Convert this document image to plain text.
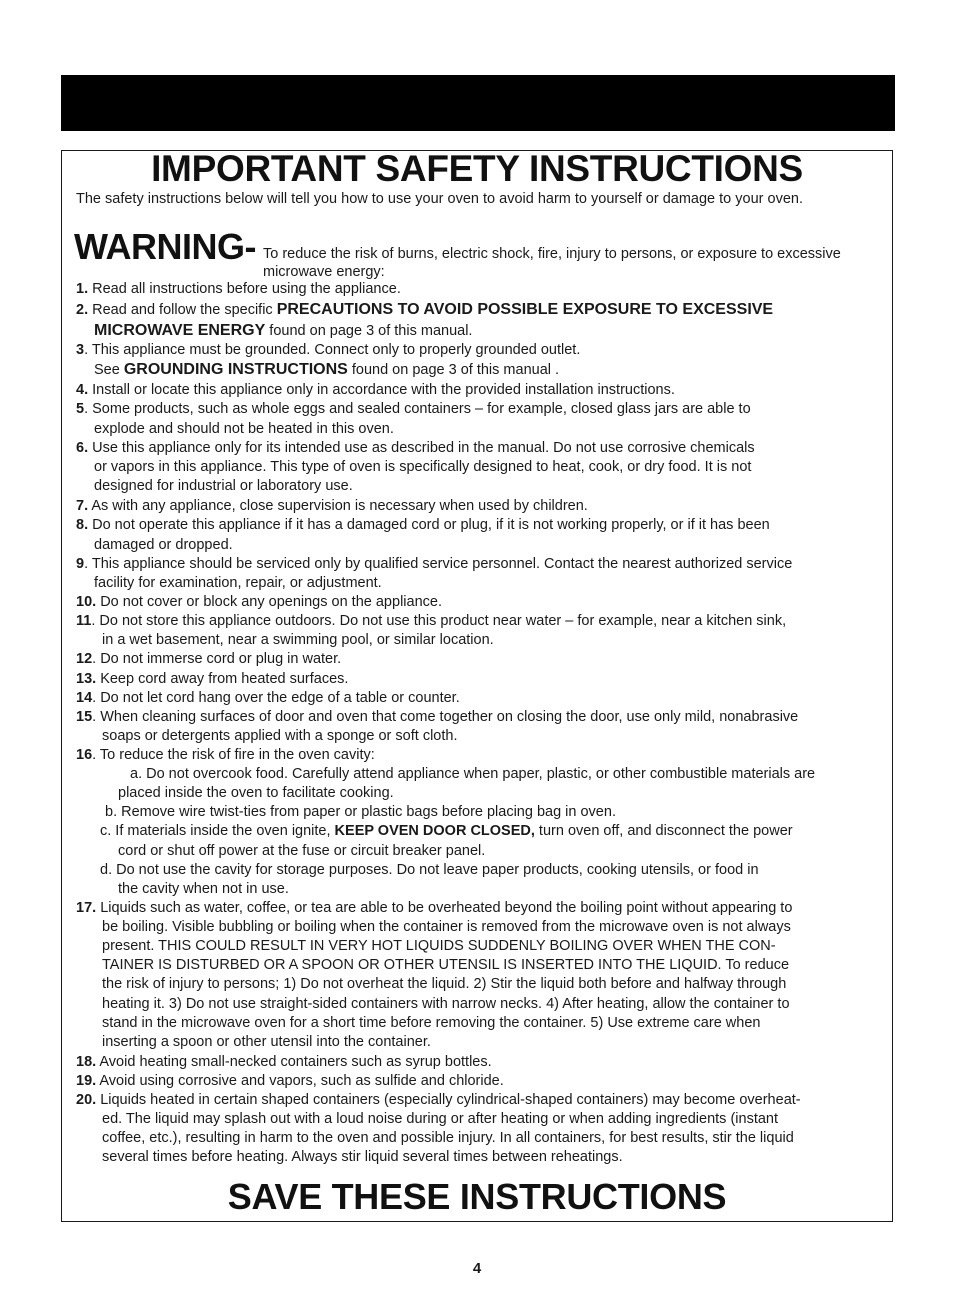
IMPORTANT SAFETY INSTRUCTIONS
The safety instructions below will tell you how to use your oven to avoid harm to yourself or damage to your oven.
WARNING- To reduce the risk of burns, electric shock, fire, injury to persons, or exposure to excessive microwave energy:
1. Read all instructions before using the appliance.
2. Read and follow the specific PRECAUTIONS TO AVOID POSSIBLE EXPOSURE TO EXCESSIVE
MICROWAVE ENERGY found on page 3 of this manual.
3. This appliance must be grounded. Connect only to properly grounded outlet.
See GROUNDING INSTRUCTIONS found on page 3 of this manual .
4. Install or locate this appliance only in accordance with the provided installation instructions.
5. Some products, such as whole eggs and sealed containers – for example, closed glass jars are able to
explode and should not be heated in this oven.
6. Use this appliance only for its intended use as described in the manual. Do not use corrosive chemicals
or vapors in this appliance. This type of oven is specifically designed to heat, cook, or dry food. It is not
designed for industrial or laboratory use.
7. As with any appliance, close supervision is necessary when used by children.
8. Do not operate this appliance if it has a damaged cord or plug, if it is not working properly, or if it has been
damaged or dropped.
9. This appliance should be serviced only by qualified service personnel. Contact the nearest authorized service
facility for examination, repair, or adjustment.
10. Do not cover or block any openings on the appliance.
11. Do not store this appliance outdoors. Do not use this product near water – for example, near a kitchen sink,
in a wet basement, near a swimming pool, or similar location.
12. Do not immerse cord or plug in water.
13. Keep cord away from heated surfaces.
14. Do not let cord hang over the edge of a table or counter.
15. When cleaning surfaces of door and oven that come together on closing the door, use only mild, nonabrasive
soaps or detergents applied with a sponge or soft cloth.
16. To reduce the risk of fire in the oven cavity:
a. Do not overcook food. Carefully attend appliance when paper, plastic, or other combustible materials are
placed inside the oven to facilitate cooking.
b. Remove wire twist-ties from paper or plastic bags before placing bag in oven.
c. If materials inside the oven ignite, KEEP OVEN DOOR CLOSED, turn oven off, and disconnect the power
cord or shut off power at the fuse or circuit breaker panel.
d. Do not use the cavity for storage purposes. Do not leave paper products, cooking utensils, or food in
the cavity when not in use.
17. Liquids such as water, coffee, or tea are able to be overheated beyond the boiling point without appearing to
be boiling. Visible bubbling or boiling when the container is removed from the microwave oven is not always
present. THIS COULD RESULT IN VERY HOT LIQUIDS SUDDENLY BOILING OVER WHEN THE CON-
TAINER IS DISTURBED OR A SPOON OR OTHER UTENSIL IS INSERTED INTO THE LIQUID. To reduce
the risk of injury to persons; 1) Do not overheat the liquid. 2) Stir the liquid both before and halfway through
heating it. 3) Do not use straight-sided containers with narrow necks. 4) After heating, allow the container to
stand in the microwave oven for a short time before removing the container. 5) Use extreme care when
inserting a spoon or other utensil into the container.
18. Avoid heating small-necked containers such as syrup bottles.
19. Avoid using corrosive and vapors, such as sulfide and chloride.
20. Liquids heated in certain shaped containers (especially cylindrical-shaped containers) may become overheat-
ed. The liquid may splash out with a loud noise during or after heating or when adding ingredients (instant
coffee, etc.), resulting in harm to the oven and possible injury. In all containers, for best results, stir the liquid
several times before heating. Always stir liquid several times between reheatings.
SAVE THESE INSTRUCTIONS
4
